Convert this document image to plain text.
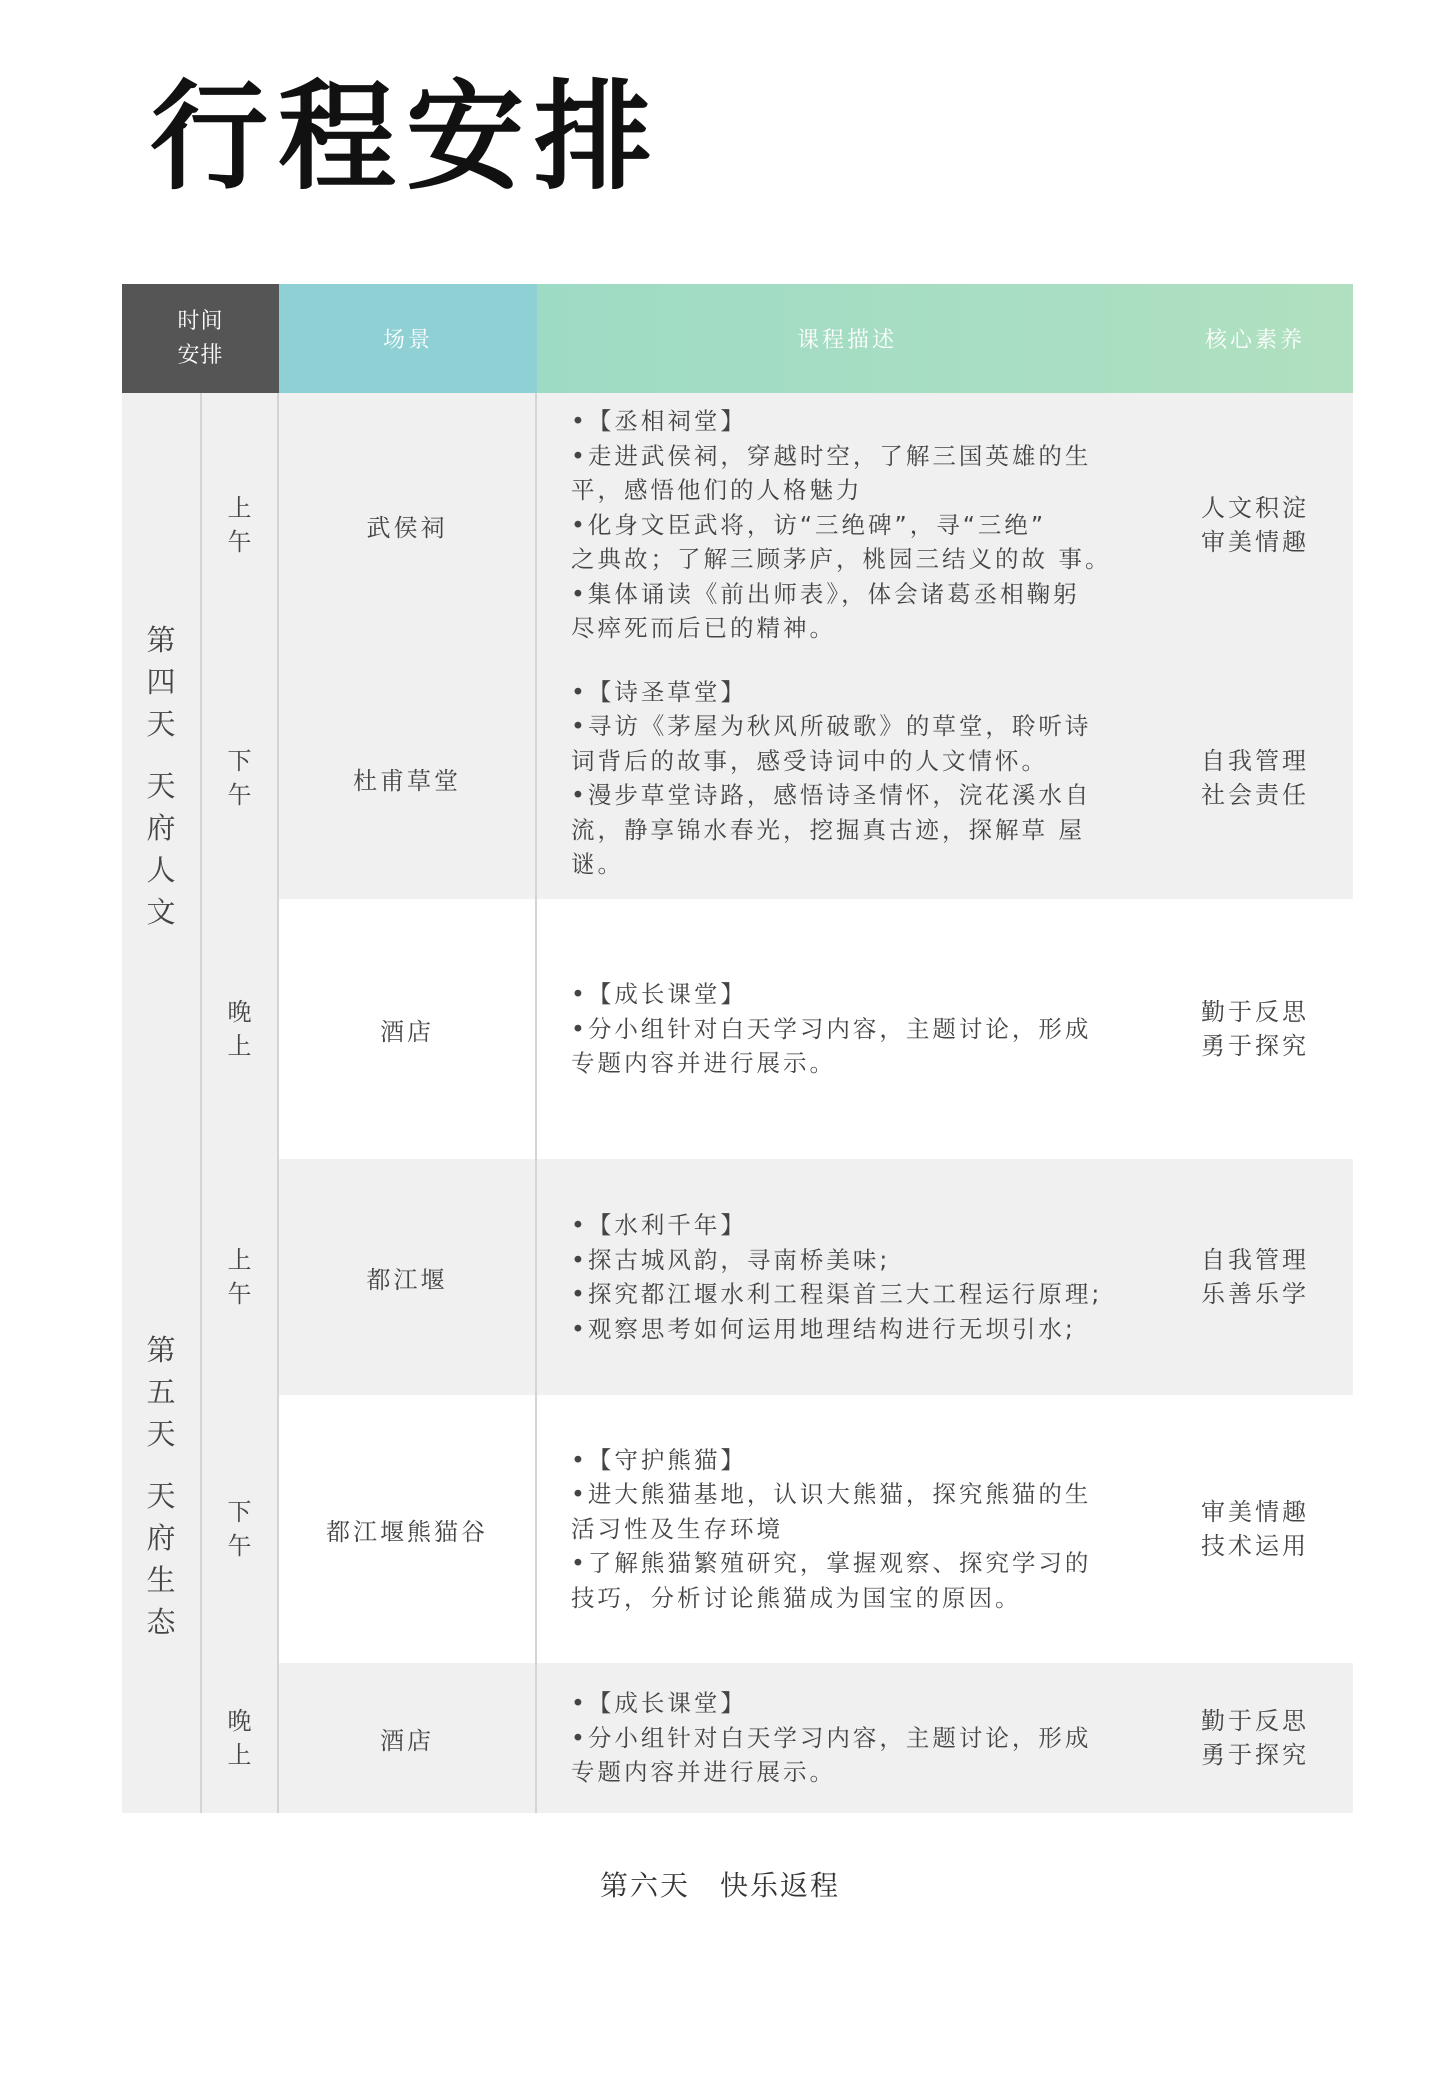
行程安排
时间
安排
场景	课程描述	核心素养
第四天
天府人文
第五天
天府生态
上午
武侯祠
•【丞相祠堂】
•走进武侯祠，穿越时空，了解三国英雄的生
平，感悟他们的人格魅力
•化身文臣武将，访“三绝碑”，寻“三绝”
之典故；了解三顾茅庐，桃园三结义的故 事。
•集体诵读《前出师表》，体会诸葛丞相鞠躬
尽瘁死而后已的精神。
人文积淀
审美情趣
下午
杜甫草堂
•【诗圣草堂】
•寻访《茅屋为秋风所破歌》的草堂，聆听诗
词背后的故事，感受诗词中的人文情怀。
•漫步草堂诗路，感悟诗圣情怀，浣花溪水自
流，静享锦水春光，挖掘真古迹，探解草 屋
谜。
自我管理
社会责任
晚上
酒店
•【成长课堂】
•分小组针对白天学习内容，主题讨论，形成
专题内容并进行展示。
勤于反思
勇于探究
上午
都江堰
•【水利千年】
•探古城风韵，寻南桥美味;
•探究都江堰水利工程渠首三大工程运行原理;
•观察思考如何运用地理结构进行无坝引水;
自我管理
乐善乐学
下午
都江堰熊猫谷
•【守护熊猫】
•进大熊猫基地，认识大熊猫，探究熊猫的生
活习性及生存环境
•了解熊猫繁殖研究，掌握观察、探究学习的
技巧，分析讨论熊猫成为国宝的原因。
审美情趣
技术运用
晚上
酒店
•【成长课堂】
•分小组针对白天学习内容，主题讨论，形成
专题内容并进行展示。
勤于反思
勇于探究
第六天　快乐返程
